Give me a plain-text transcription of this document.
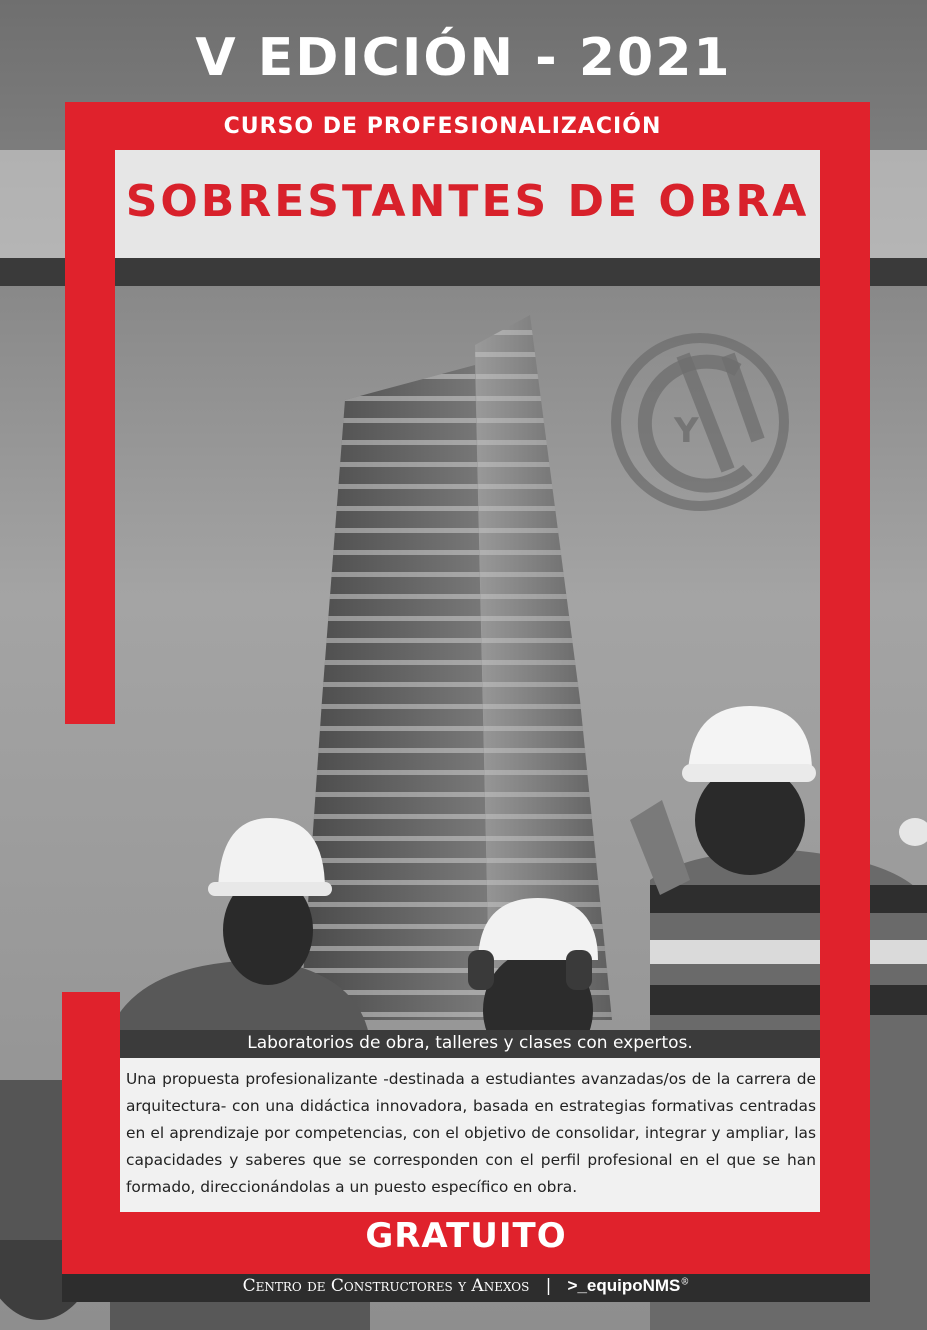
V EDICIÓN - 2021
CURSO DE PROFESIONALIZACIÓN
SOBRESTANTES DE OBRA
Y
Laboratorios de obra, talleres y clases con expertos.
Una propuesta profesionalizante -destinada a estudiantes avanzadas/os de la carrera de arquitectura- con una didáctica innovadora, basada en estrategias formativas centradas en el aprendizaje por competencias, con el objetivo de consolidar, integrar y ampliar, las capacidades y saberes que se corresponden con el perfil profesional en el que se han formado, direccionándolas a un puesto específico en obra.
GRATUITO
Centro de Constructores y Anexos | >_equipoNMS®
